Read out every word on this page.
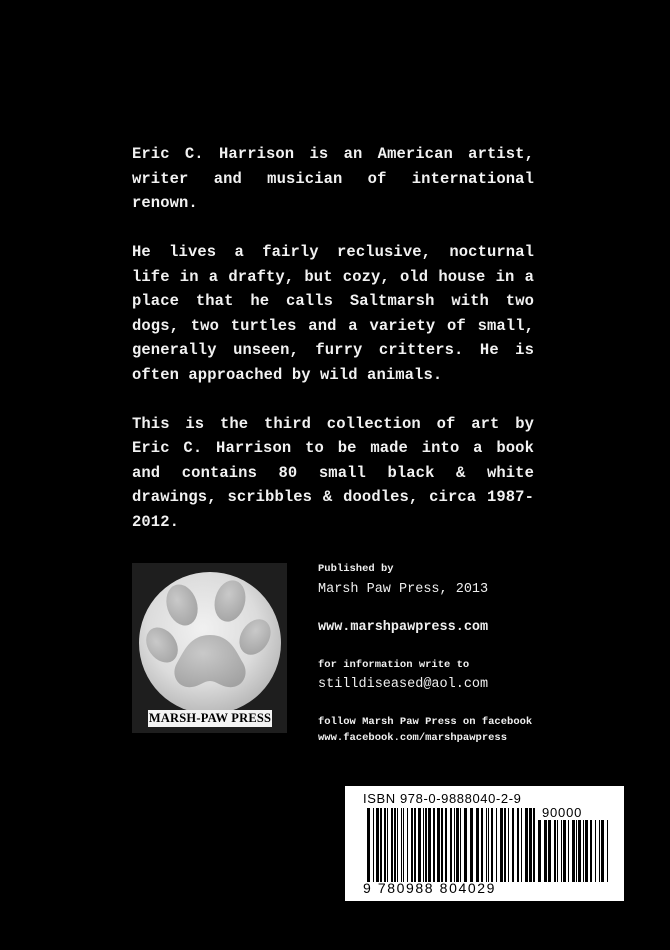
Eric C. Harrison is an American artist, writer and musician of international renown.

He lives a fairly reclusive, nocturnal life in a drafty, but cozy, old house in a place that he calls Saltmarsh with two dogs, two turtles and a variety of small, generally unseen, furry critters. He is often approached by wild animals.

This is the third collection of art by Eric C. Harrison to be made into a book and contains 80 small black & white drawings, scribbles & doodles, circa 1987-2012.

MARSH-PAW PRESS
Published by
Marsh Paw Press, 2013
www.marshpawpress.com
for information write to
stilldiseased@aol.com
follow Marsh Paw Press on facebook
www.facebook.com/marshpawpress
ISBN 978-0-9888040-2-9
90000
9 780988 804029
